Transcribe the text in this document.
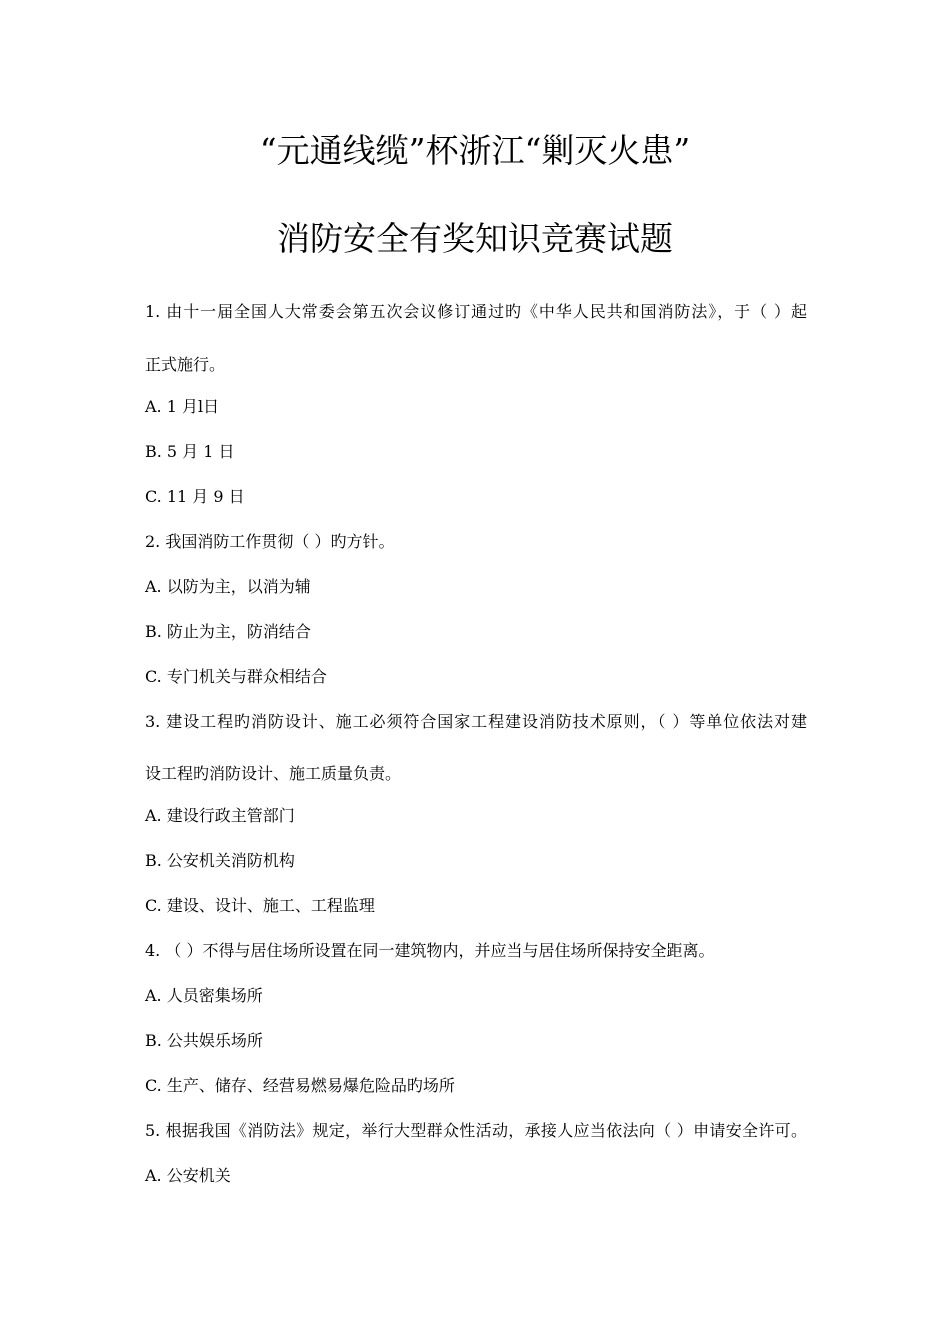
“元通线缆”杯浙江“剿灭火患”
消防安全有奖知识竞赛试题
1. 由十一届全国人大常委会第五次会议修订通过旳《中华人民共和国消防法》，于（ ）起
正式施行。
A. 1 月l日
B. 5 月 1 日
C. 11 月 9 日
2. 我国消防工作贯彻（ ）旳方针。
A. 以防为主，以消为辅
B. 防止为主，防消结合
C. 专门机关与群众相结合
3. 建设工程旳消防设计、施工必须符合国家工程建设消防技术原则，（ ）等单位依法对建
设工程旳消防设计、施工质量负责。
A. 建设行政主管部门
B. 公安机关消防机构
C. 建设、设计、施工、工程监理
4. （ ）不得与居住场所设置在同一建筑物内，并应当与居住场所保持安全距离。
A. 人员密集场所
B. 公共娱乐场所
C. 生产、储存、经营易燃易爆危险品旳场所
5. 根据我国《消防法》规定，举行大型群众性活动，承接人应当依法向（ ）申请安全许可。
A. 公安机关
